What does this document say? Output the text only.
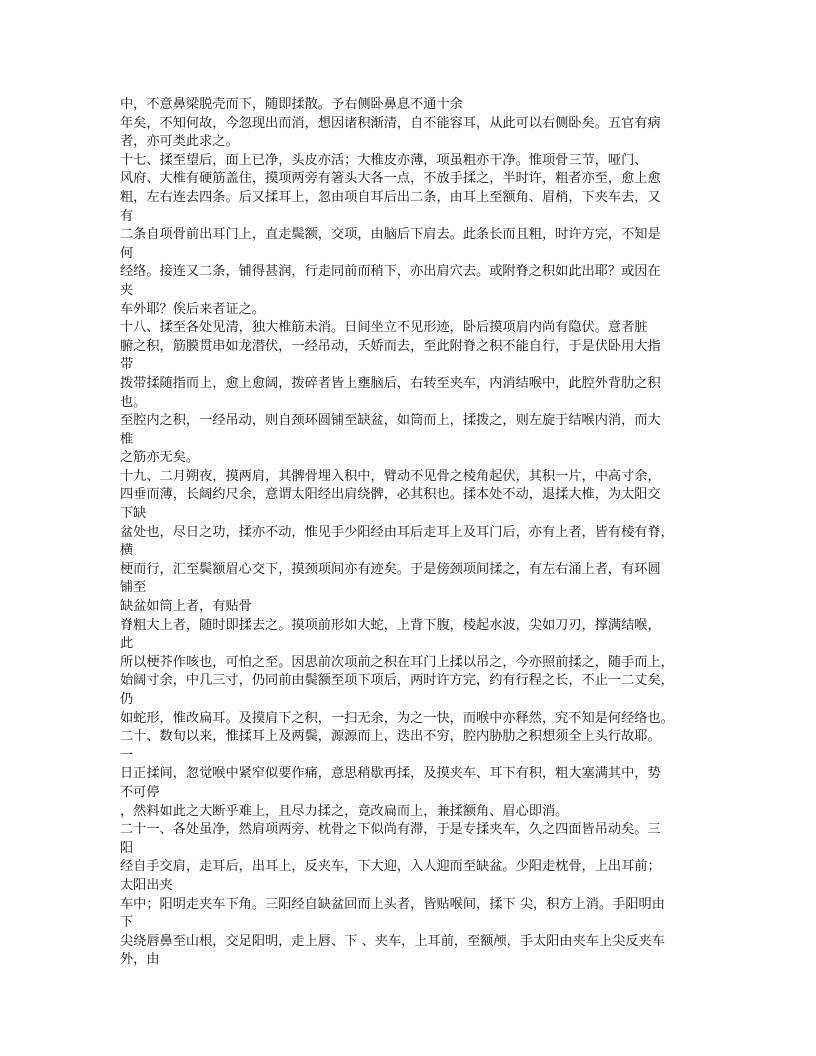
中，不意鼻梁脱壳而下，随即揉散。予右侧卧鼻息不通十余
年矣，不知何故，今忽现出而消，想因诸积渐清，自不能容耳，从此可以右侧卧矣。五官有病
者，亦可类此求之。
十七、揉至望后，面上已净，头皮亦活；大椎皮亦薄，项虽粗亦干净。惟项骨三节，哑门、
风府、大椎有硬筋盖住，摸项两旁有箸头大各一点，不放手揉之，半时许，粗者亦至，愈上愈
粗，左右连去四条。后又揉耳上，忽由项自耳后出二条，由耳上至额角、眉梢，下夹车去，又
有
二条自项骨前出耳门上，直走鬓额，交项，由脑后下肩去。此条长而且粗，时许方完，不知是
何
经络。接连又二条，铺得甚润，行走同前而稍下，亦出肩穴去。或附脊之积如此出耶？或因在
夹
车外耶？俟后来者证之。
十八、揉至各处见清，独大椎筋未消。日间坐立不见形迹，卧后摸项肩内尚有隐伏。意者脏
腑之积，筋膜贯串如龙潜伏，一经吊动，夭娇而去，至此附脊之积不能自行，于是伏卧用大指
带
拨带揉随指而上，愈上愈阔，拨碎者皆上壅脑后，右转至夹车，内消结喉中，此腔外背肋之积
也。
至腔内之积，一经吊动，则自颈环圆铺至缺盆，如筒而上，揉拨之，则左旋于结喉内消，而大
椎
之筋亦无矣。
十九、二月朔夜，摸两肩，其髀骨埋入积中，臂动不见骨之棱角起伏，其积一片，中高寸余，
四垂而薄，长阔约尺余，意谓太阳经出肩绕髀，必其积也。揉本处不动，退揉大椎，为太阳交
下缺
盆处也，尽日之功，揉亦不动，惟见手少阳经由耳后走耳上及耳门后，亦有上者，皆有棱有脊，
横
梗而行，汇至鬓额眉心交下，摸颈项间亦有迹矣。于是傍颈项间揉之，有左右涌上者，有环圆
铺至
缺盆如筒上者，有贴骨
脊粗大上者，随时即揉去之。摸项前形如大蛇，上背下腹，棱起水波，尖如刀刃，撑满结喉，
此
所以梗芥作咳也，可怕之至。因思前次项前之积在耳门上揉以吊之，今亦照前揉之，随手而上，
始阔寸余，中几三寸，仍同前由鬓额至项下项后，两时许方完，约有行程之长，不止一二丈矣，
仍
如蛇形，惟改扁耳。及摸肩下之积，一扫无余，为之一快，而喉中亦释然，究不知是何经络也。
二十、数旬以来，惟揉耳上及两鬓，源源而上，迭出不穷，腔内胁肋之积想须全上头行故耶。
一
日正揉间，忽觉喉中紧窄似要作痛，意思稍歇再揉，及摸夹车、耳下有积，粗大塞满其中，势
不可停
，然料如此之大断乎难上，且尽力揉之，竟改扁而上，兼揉额角、眉心即消。
二十一、各处虽净，然肩项两旁、枕骨之下似尚有滞，于是专揉夹车，久之四面皆吊动矣。三
阳
经自手交肩，走耳后，出耳上，反夹车，下大迎，入人迎而至缺盆。少阳走枕骨，上出耳前；
太阳出夹
车中；阳明走夹车下角。三阳经自缺盆回而上头者，皆贴喉间，揉下 尖，积方上消。手阳明由
下
尖绕唇鼻至山根，交足阳明，走上唇、下 、夹车，上耳前，至额颅，手太阳由夹车上尖反夹车
外，由
